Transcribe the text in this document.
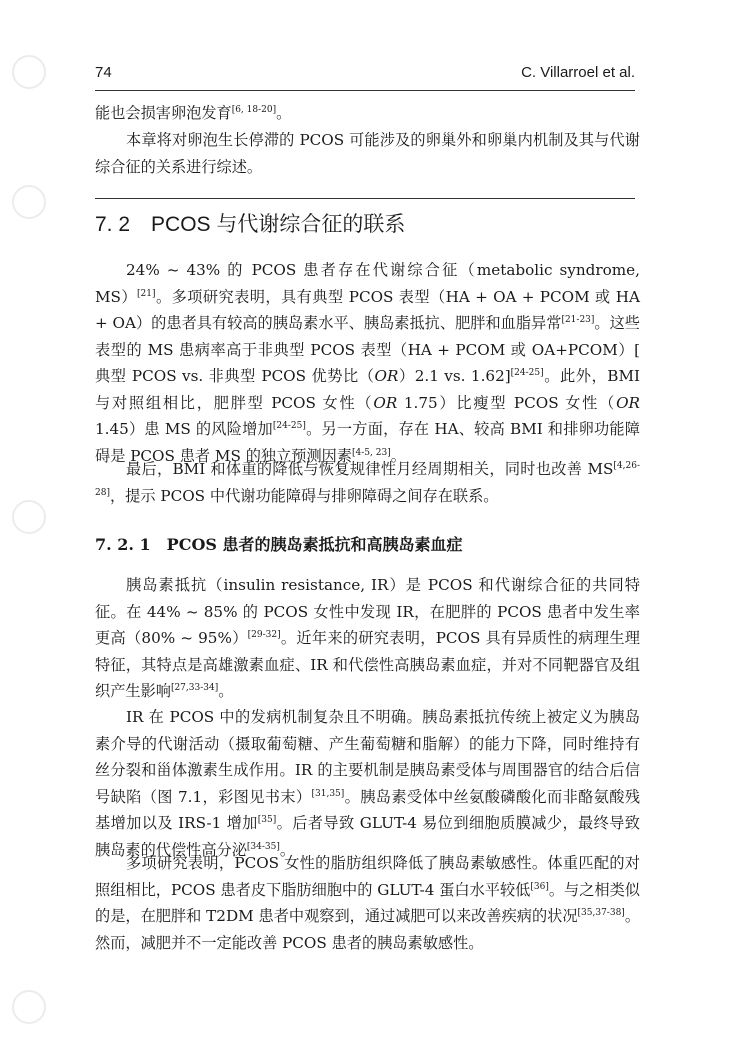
74	C. Villarroel et al.

能也会损害卵泡发育[6, 18-20]。

本章将对卵泡生长停滞的 PCOS 可能涉及的卵巢外和卵巢内机制及其与代谢综合征的关系进行综述。

7. 2　PCOS 与代谢综合征的联系

24% ~ 43% 的 PCOS 患者存在代谢综合征（metabolic syndrome, MS）[21]。多项研究表明，具有典型 PCOS 表型（HA + OA + PCOM 或 HA + OA）的患者具有较高的胰岛素水平、胰岛素抵抗、肥胖和血脂异常[21-23]。这些表型的 MS 患病率高于非典型 PCOS 表型（HA + PCOM 或 OA+PCOM）[ 典型 PCOS vs. 非典型 PCOS 优势比（OR）2.1 vs. 1.62][24-25]。此外，BMI 与对照组相比，肥胖型 PCOS 女性（OR 1.75）比瘦型 PCOS 女性（OR 1.45）患 MS 的风险增加[24-25]。另一方面，存在 HA、较高 BMI 和排卵功能障碍是 PCOS 患者 MS 的独立预测因素[4-5, 23]。

最后，BMI 和体重的降低与恢复规律性月经周期相关，同时也改善 MS[4,26-28]，提示 PCOS 中代谢功能障碍与排卵障碍之间存在联系。

7. 2. 1　PCOS 患者的胰岛素抵抗和高胰岛素血症

胰岛素抵抗（insulin resistance, IR）是 PCOS 和代谢综合征的共同特征。在 44% ~ 85% 的 PCOS 女性中发现 IR，在肥胖的 PCOS 患者中发生率更高（80% ~ 95%）[29-32]。近年来的研究表明，PCOS 具有异质性的病理生理特征，其特点是高雄激素血症、IR 和代偿性高胰岛素血症，并对不同靶器官及组织产生影响[27,33-34]。

IR 在 PCOS 中的发病机制复杂且不明确。胰岛素抵抗传统上被定义为胰岛素介导的代谢活动（摄取葡萄糖、产生葡萄糖和脂解）的能力下降，同时维持有丝分裂和甾体激素生成作用。IR 的主要机制是胰岛素受体与周围器官的结合后信号缺陷（图 7.1，彩图见书末）[31,35]。胰岛素受体中丝氨酸磷酸化而非酪氨酸残基增加以及 IRS-1 增加[35]。后者导致 GLUT-4 易位到细胞质膜减少，最终导致胰岛素的代偿性高分泌[34-35]。

多项研究表明，PCOS 女性的脂肪组织降低了胰岛素敏感性。体重匹配的对照组相比，PCOS 患者皮下脂肪细胞中的 GLUT-4 蛋白水平较低[36]。与之相类似的是，在肥胖和 T2DM 患者中观察到，通过减肥可以来改善疾病的状况[35,37-38]。然而，减肥并不一定能改善 PCOS 患者的胰岛素敏感性。
